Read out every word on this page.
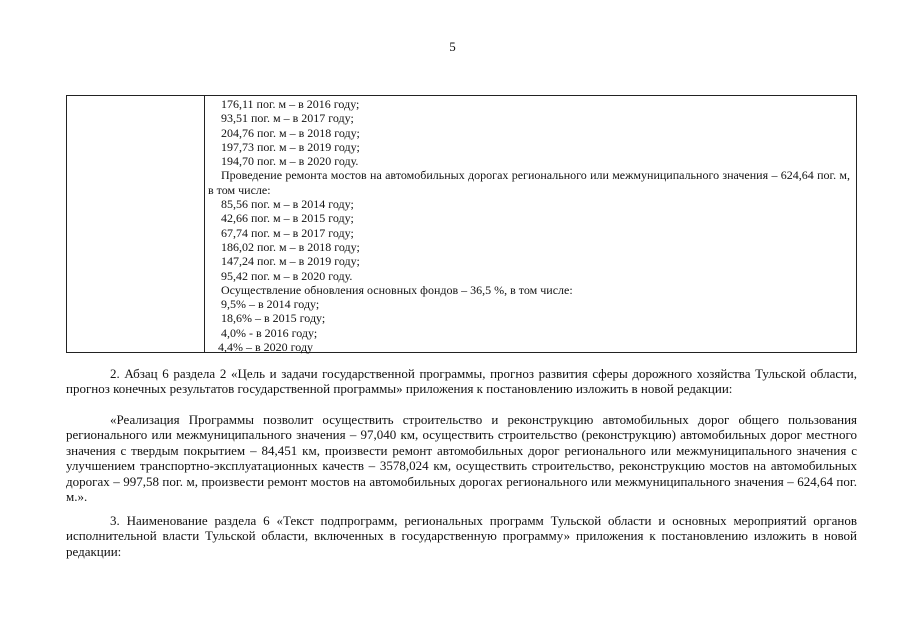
5
176,11 пог. м – в 2016 году;
93,51 пог. м – в 2017 году;
204,76 пог. м – в 2018 году;
197,73 пог. м – в 2019 году;
194,70 пог. м – в 2020 году.
Проведение ремонта мостов на автомобильных дорогах регионального или межмуниципального значения – 624,64 пог. м, в том числе:
85,56 пог. м – в 2014 году;
42,66 пог. м – в 2015 году;
67,74 пог. м – в 2017 году;
186,02 пог. м – в 2018 году;
147,24 пог. м – в 2019 году;
95,42 пог. м – в 2020 году.
Осуществление обновления основных фондов – 36,5 %, в том числе:
9,5% – в 2014 году;
18,6% – в 2015 году;
4,0% - в 2016 году;
4,4% – в 2020 году

2. Абзац 6 раздела 2 «Цель и задачи государственной программы, прогноз развития сферы дорожного хозяйства Тульской области, прогноз конечных результатов государственной программы» приложения к постановлению изложить в новой редакции:

«Реализация Программы позволит осуществить строительство и реконструкцию автомобильных дорог общего пользования регионального или межмуниципального значения – 97,040 км, осуществить строительство (реконструкцию) автомобильных дорог местного значения с твердым покрытием – 84,451 км, произвести ремонт автомобильных дорог регионального или межмуниципального значения с улучшением транспортно-эксплуатационных качеств – 3578,024 км, осуществить строительство, реконструкцию мостов на автомобильных дорогах – 997,58 пог. м, произвести ремонт мостов на автомобильных дорогах регионального или межмуниципального значения – 624,64 пог. м.».

3. Наименование раздела 6 «Текст подпрограмм, региональных программ Тульской области и основных мероприятий органов исполнительной власти Тульской области, включенных в государственную программу» приложения к постановлению изложить в новой редакции:
